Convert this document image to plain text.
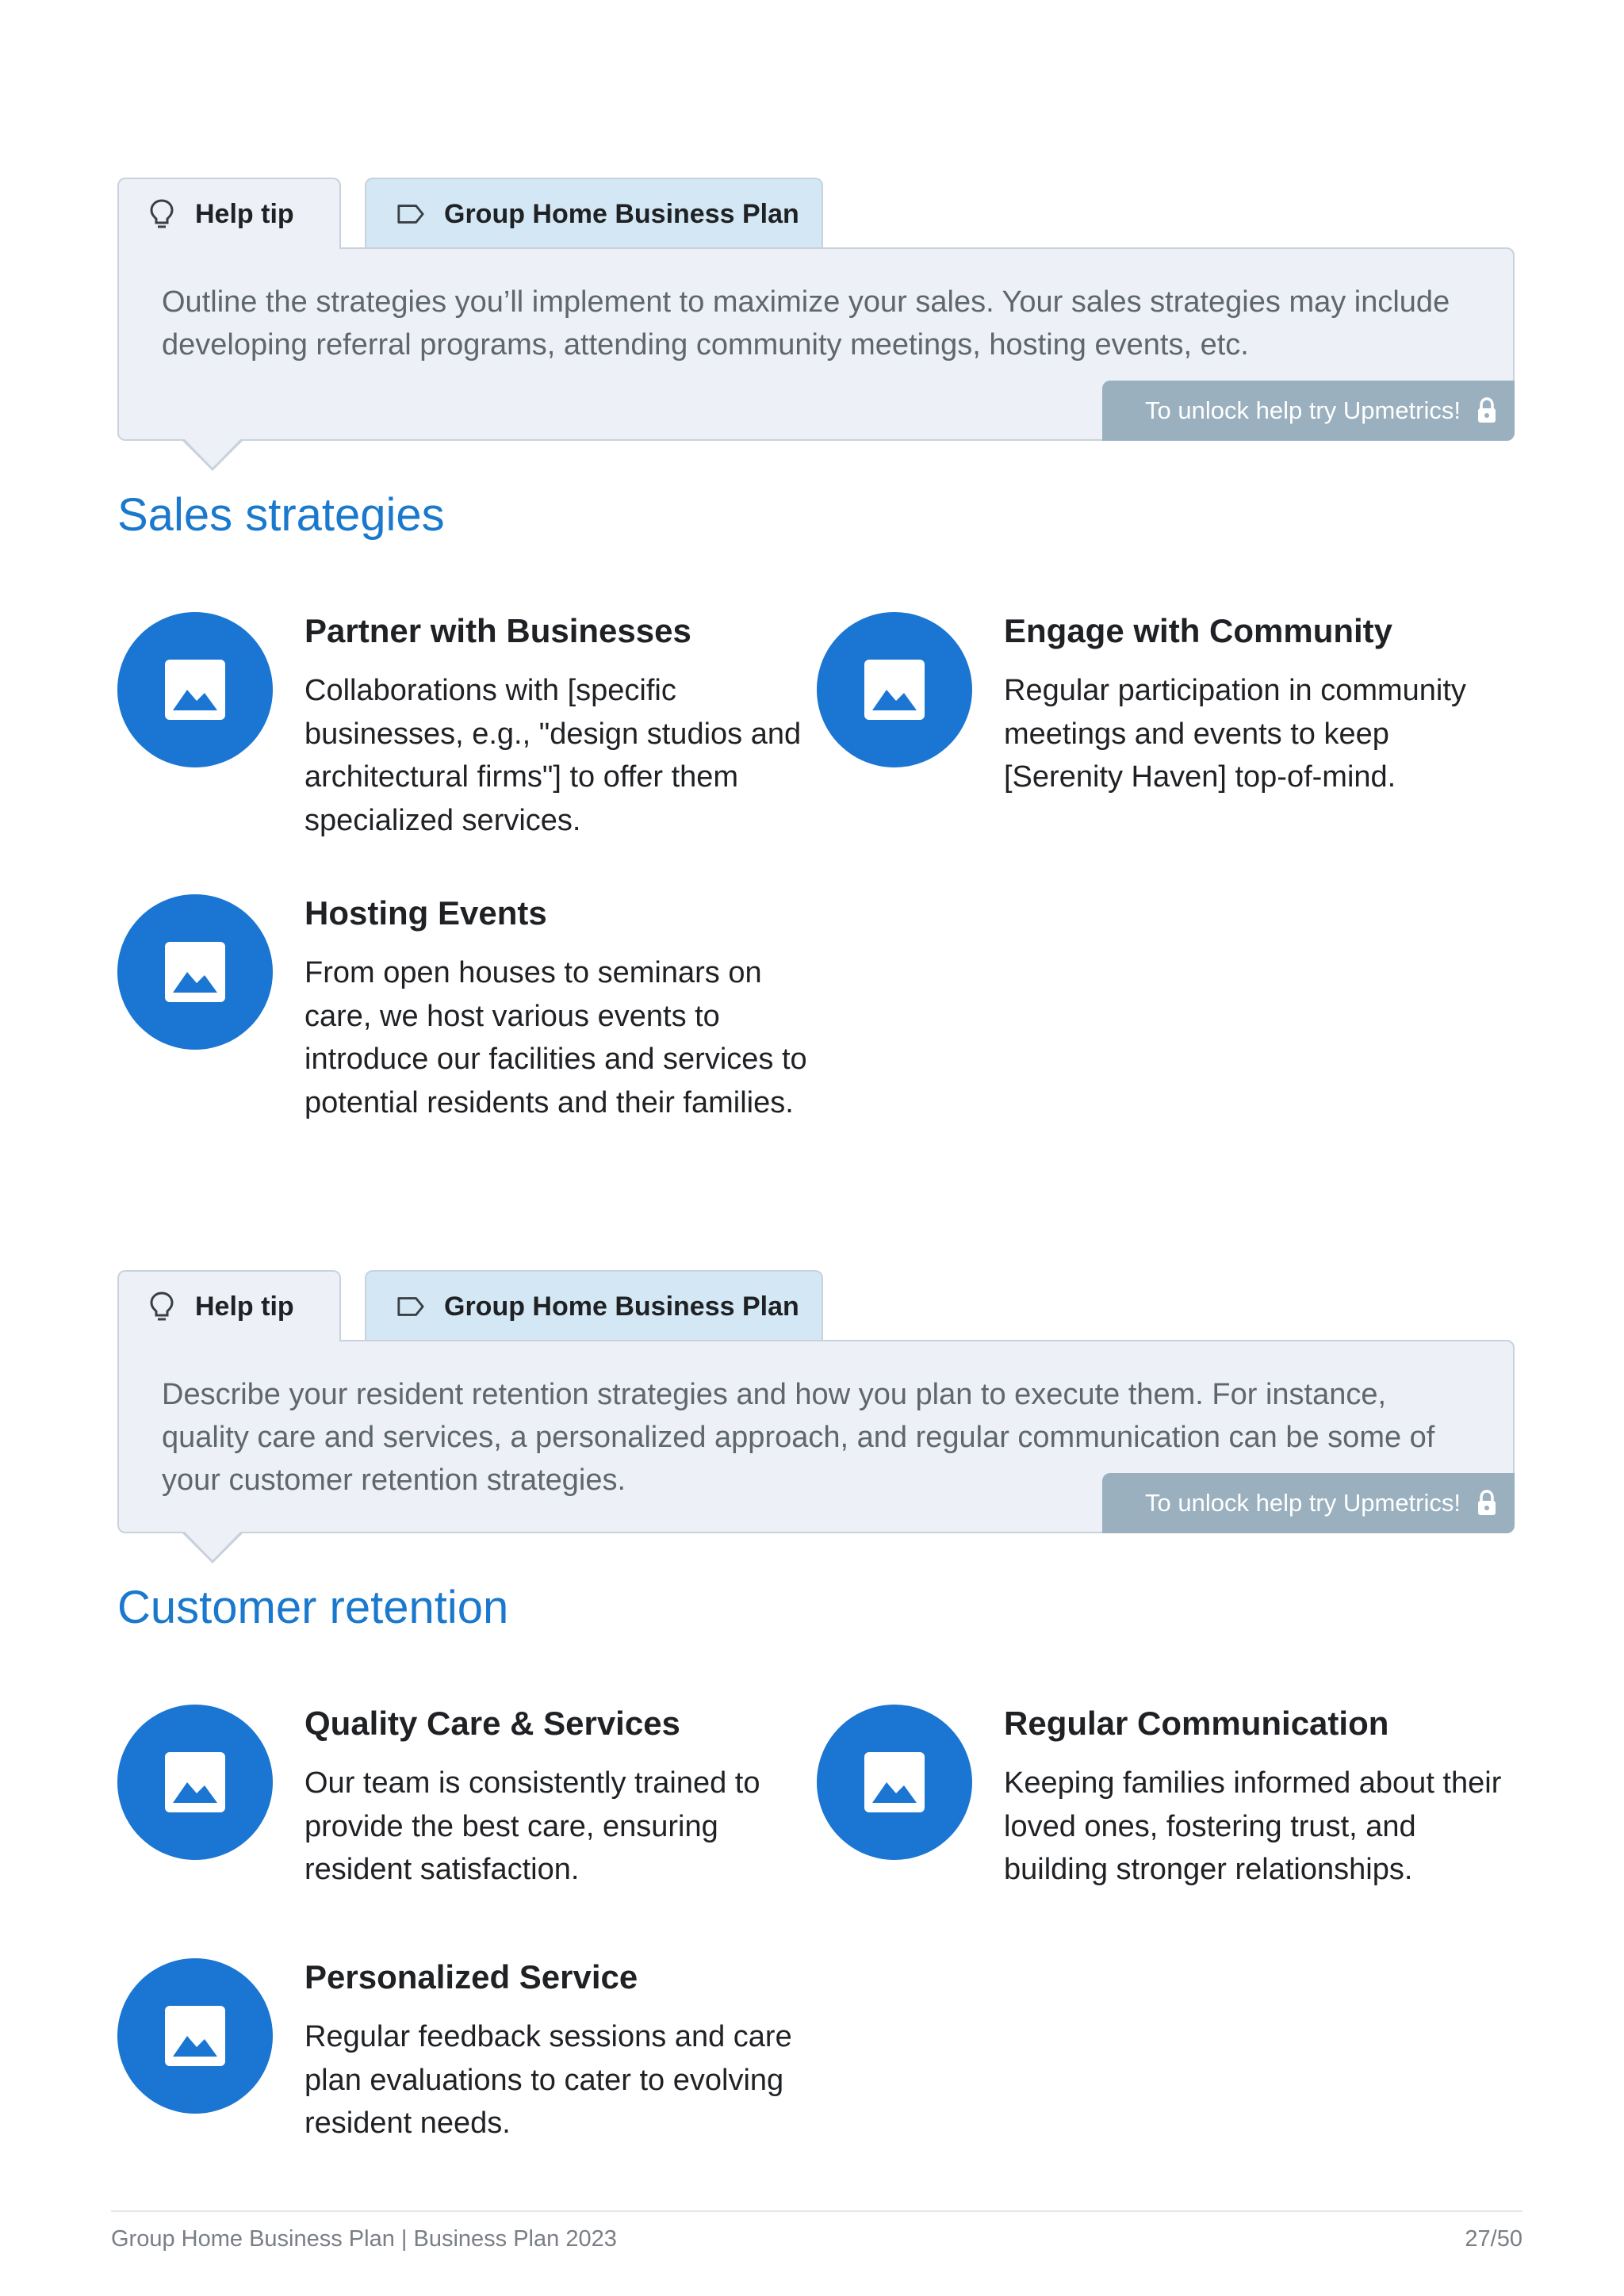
Help tip	Group Home Business Plan

Outline the strategies you’ll implement to maximize your sales. Your sales strategies may include developing referral programs, attending community meetings, hosting events, etc.

To unlock help try Upmetrics!
Sales strategies
Partner with Businesses

Collaborations with [specific businesses, e.g., "design studios and architectural firms"] to offer them specialized services.

Engage with Community

Regular participation in community meetings and events to keep [Serenity Haven] top-of-mind.

Hosting Events

From open houses to seminars on care, we host various events to introduce our facilities and services to potential residents and their families.

Help tip	Group Home Business Plan

Describe your resident retention strategies and how you plan to execute them. For instance, quality care and services, a personalized approach, and regular communication can be some of your customer retention strategies.

To unlock help try Upmetrics!
Customer retention
Quality Care & Services

Our team is consistently trained to provide the best care, ensuring resident satisfaction.

Regular Communication

Keeping families informed about their loved ones, fostering trust, and building stronger relationships.

Personalized Service

Regular feedback sessions and care plan evaluations to cater to evolving resident needs.

Group Home Business Plan | Business Plan 2023	27/50
